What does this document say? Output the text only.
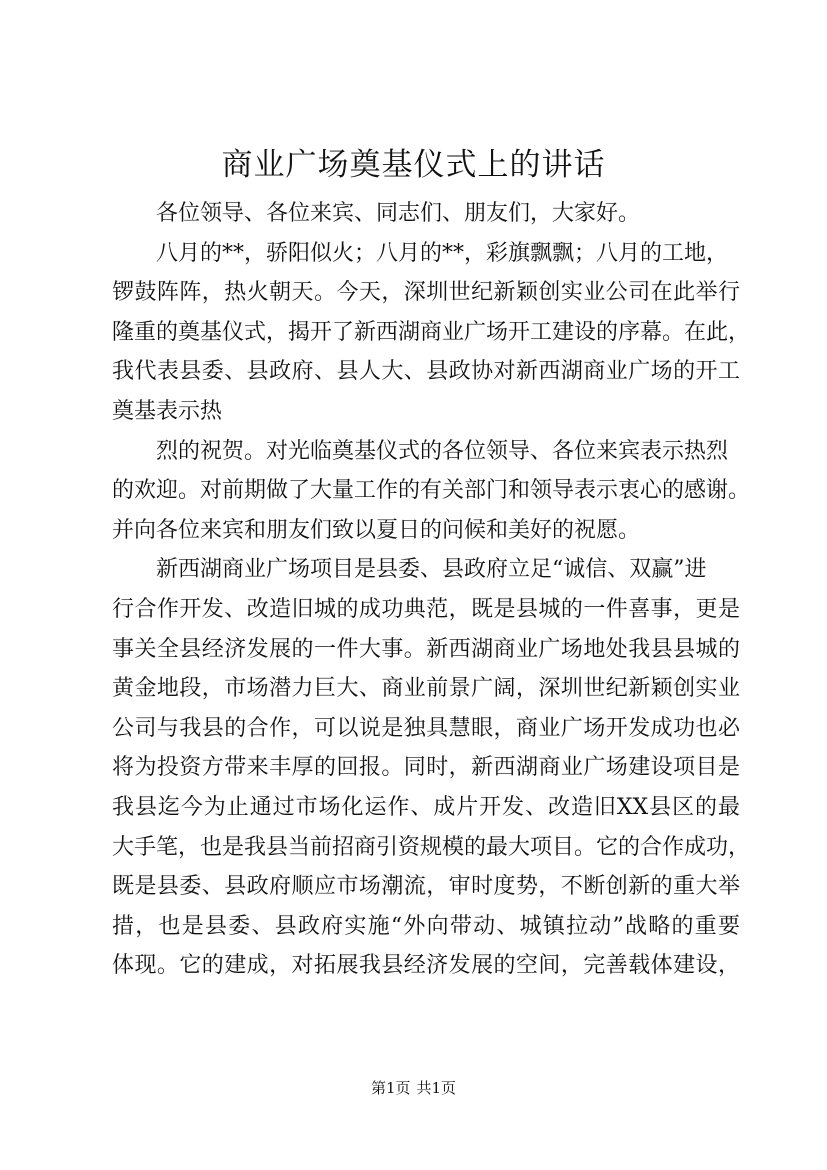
商业广场奠基仪式上的讲话
各位领导、各位来宾、同志们、朋友们，大家好。
八月的**，骄阳似火；八月的**，彩旗飘飘；八月的工地，
锣鼓阵阵，热火朝天。今天，深圳世纪新颖创实业公司在此举行
隆重的奠基仪式，揭开了新西湖商业广场开工建设的序幕。在此，
我代表县委、县政府、县人大、县政协对新西湖商业广场的开工
奠基表示热
烈的祝贺。对光临奠基仪式的各位领导、各位来宾表示热烈
的欢迎。对前期做了大量工作的有关部门和领导表示衷心的感谢。
并向各位来宾和朋友们致以夏日的问候和美好的祝愿。
新西湖商业广场项目是县委、县政府立足“诚信、双赢”进
行合作开发、改造旧城的成功典范，既是县城的一件喜事，更是
事关全县经济发展的一件大事。新西湖商业广场地处我县县城的
黄金地段，市场潜力巨大、商业前景广阔，深圳世纪新颖创实业
公司与我县的合作，可以说是独具慧眼，商业广场开发成功也必
将为投资方带来丰厚的回报。同时，新西湖商业广场建设项目是
我县迄今为止通过市场化运作、成片开发、改造旧XX县区的最
大手笔，也是我县当前招商引资规模的最大项目。它的合作成功，
既是县委、县政府顺应市场潮流，审时度势，不断创新的重大举
措，也是县委、县政府实施“外向带动、城镇拉动”战略的重要
体现。它的建成，对拓展我县经济发展的空间，完善载体建设，
第1页 共1页
